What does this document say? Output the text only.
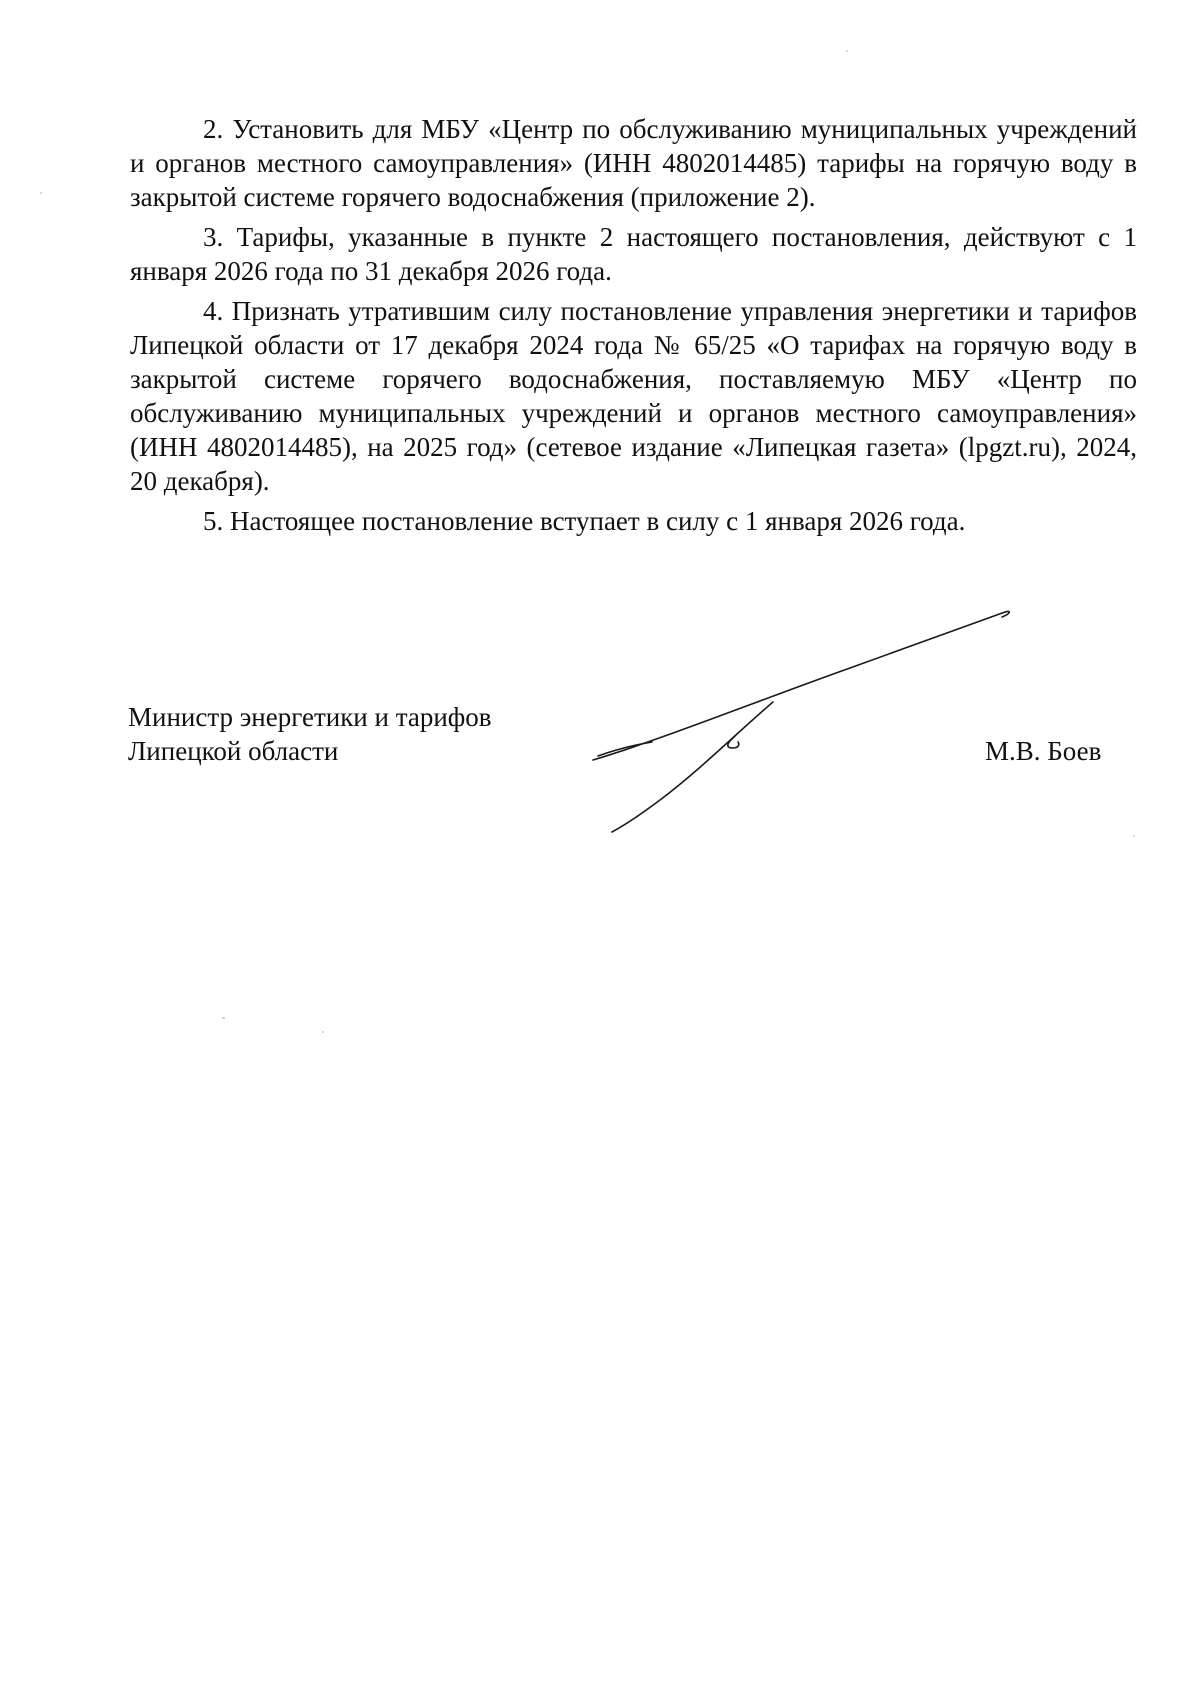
2. Установить для МБУ «Центр по обслуживанию муниципальных учреждений и органов местного самоуправления» (ИНН 4802014485) тарифы на горячую воду в закрытой системе горячего водоснабжения (приложение 2).

3. Тарифы, указанные в пункте 2 настоящего постановления, действуют с 1 января 2026 года по 31 декабря 2026 года.

4. Признать утратившим силу постановление управления энергетики и тарифов Липецкой области от 17 декабря 2024 года № 65/25 «О тарифах на горячую воду в закрытой системе горячего водоснабжения, поставляемую МБУ «Центр по обслуживанию муниципальных учреждений и органов местного самоуправления» (ИНН 4802014485), на 2025 год» (сетевое издание «Липецкая газета» (lpgzt.ru), 2024, 20 декабря).

5. Настоящее постановление вступает в силу с 1 января 2026 года.

Министр энергетики и тарифов
Липецкой области	М.В. Боев
